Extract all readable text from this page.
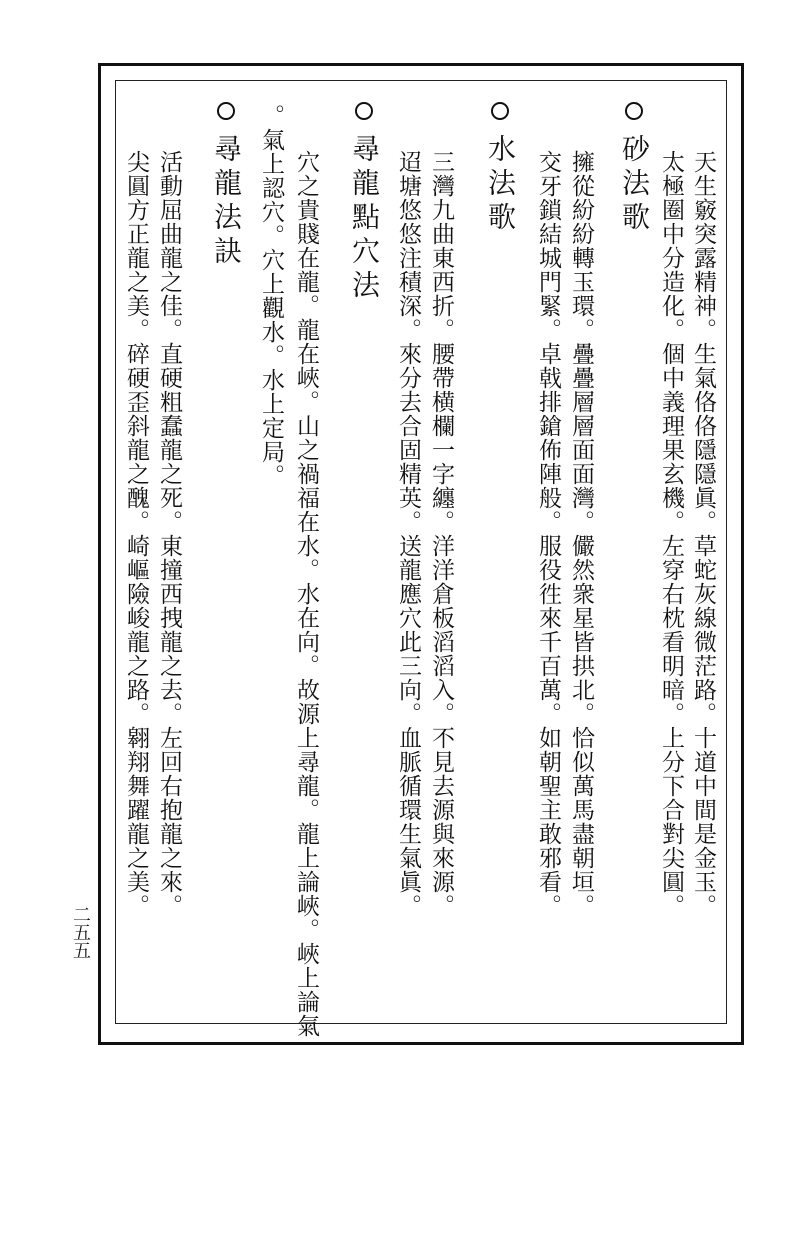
砂法歌 天生竅突露精神。生氣佫佫隱隱眞。草蛇灰線微茫路。十道中間是金玉。
太極圈中分造化。個中義理果玄機。左穿右枕看明暗。上分下合對尖圓。
擁從紛紛轉玉環。疊疊層層面面灣。儼然衆星皆拱北。恰似萬馬盡朝垣。
交牙鎖結城門緊。卓戟排鎗佈陣般。服役徃來千百萬。如朝聖主敢邪看。
水法歌
三灣九曲東西折。腰帶横欄一字纏。洋洋倉板滔滔入。不見去源與來源。
迢塘悠悠注積深。來分去合固精英。送龍應穴此三向。血脈循環生氣眞。
尋龍點穴法
穴之貴賤在龍。龍在峽。山之禍福在水。水在向。故源上尋龍。龍上論峽。峽上論氣
。氣上認穴。穴上觀水。水上定局。
尋龍法訣
活動屈曲龍之佳。直硬粗蠢龍之死。東撞西拽龍之去。左回右抱龍之來。
尖圓方正龍之美。碎硬歪斜龍之醜。崎嶇險峻龍之路。翱翔舞躍龍之美。
二五五
